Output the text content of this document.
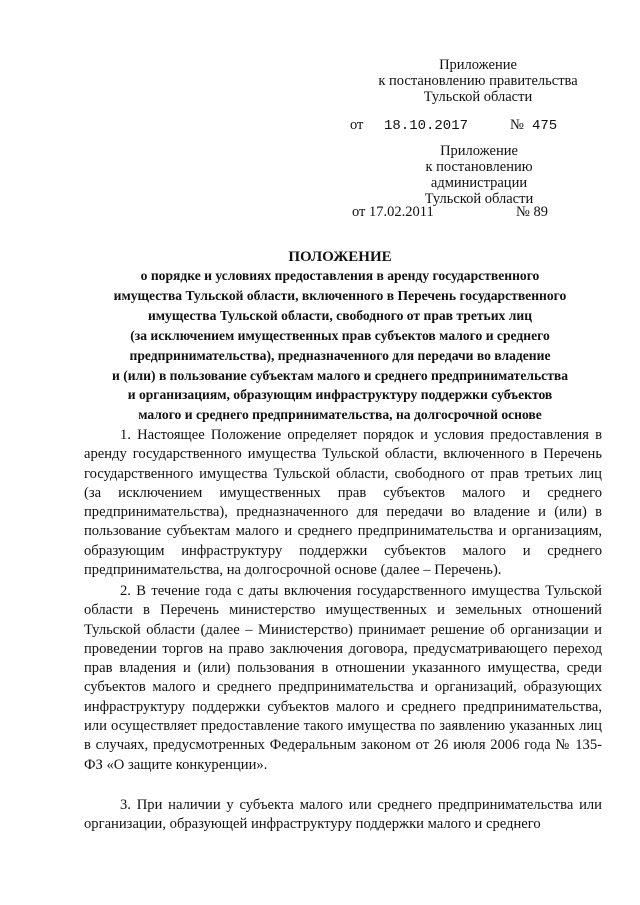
Приложение
к постановлению правительства
Тульской области
от 18.10.2017	№ 475
Приложение
к постановлению администрации
Тульской области
от 17.02.2011	№ 89
ПОЛОЖЕНИЕ
о порядке и условиях предоставления в аренду государственного
имущества Тульской области, включенного в Перечень государственного
имущества Тульской области, свободного от прав третьих лиц
(за исключением имущественных прав субъектов малого и среднего
предпринимательства), предназначенного для передачи во владение
и (или) в пользование субъектам малого и среднего предпринимательства
и организациям, образующим инфраструктуру поддержки субъектов
малого и среднего предпринимательства, на долгосрочной основе
1. Настоящее Положение определяет порядок и условия предоставления в аренду государственного имущества Тульской области, включенного в Перечень государственного имущества Тульской области, свободного от прав третьих лиц (за исключением имущественных прав субъектов малого и среднего предпринимательства), предназначенного для передачи во владение и (или) в пользование субъектам малого и среднего предпринимательства и организациям, образующим инфраструктуру поддержки субъектов малого и среднего предпринимательства, на долгосрочной основе (далее – Перечень).
2. В течение года с даты включения государственного имущества Тульской области в Перечень министерство имущественных и земельных отношений Тульской области (далее – Министерство) принимает решение об организации и проведении торгов на право заключения договора, предусматривающего переход прав владения и (или) пользования в отношении указанного имущества, среди субъектов малого и среднего предпринимательства и организаций, образующих инфраструктуру поддержки субъектов малого и среднего предпринимательства, или осуществляет предоставление такого имущества по заявлению указанных лиц в случаях, предусмотренных Федеральным законом от 26 июля 2006 года № 135-ФЗ «О защите конкуренции».
3. При наличии у субъекта малого или среднего предпринимательства или организации, образующей инфраструктуру поддержки малого и среднего
